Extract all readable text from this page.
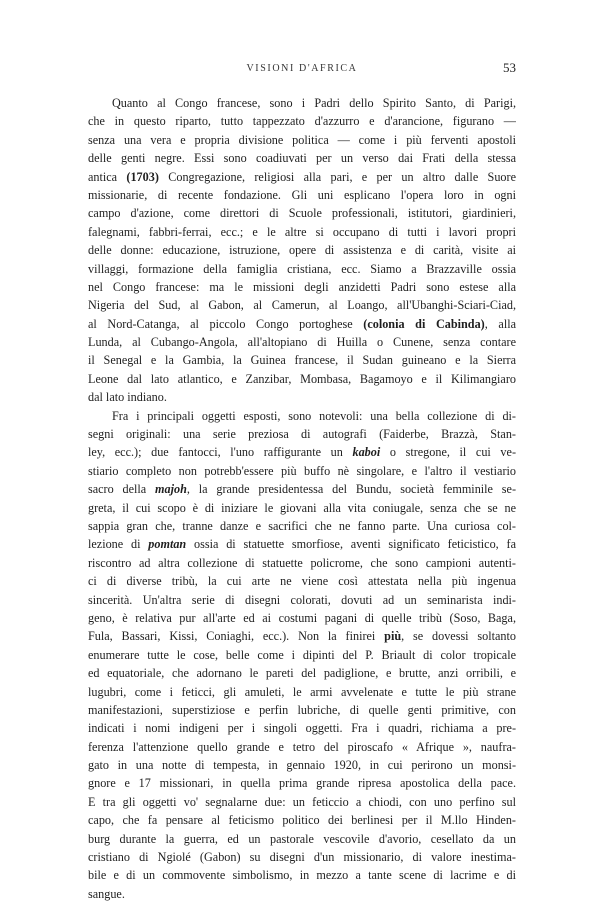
VISIONI D'AFRICA	53
Quanto al Congo francese, sono i Padri dello Spirito Santo, di Parigi,
che in questo riparto, tutto tappezzato d'azzurro e d'arancione, figurano —
senza una vera e propria divisione politica — come i più ferventi apostoli
delle genti negre. Essi sono coadiuvati per un verso dai Frati della stessa
antica (1703) Congregazione, religiosi alla pari, e per un altro dalle Suore
missionarie, di recente fondazione. Gli uni esplicano l'opera loro in ogni
campo d'azione, come direttori di Scuole professionali, istitutori, giardinieri,
falegnami, fabbri-ferrai, ecc.; e le altre si occupano di tutti i lavori propri
delle donne: educazione, istruzione, opere di assistenza e di carità, visite ai
villaggi, formazione della famiglia cristiana, ecc. Siamo a Brazzaville ossia
nel Congo francese: ma le missioni degli anzidetti Padri sono estese alla
Nigeria del Sud, al Gabon, al Camerun, al Loango, all'Ubanghi-Sciari-Ciad,
al Nord-Catanga, al piccolo Congo portoghese (colonia di Cabinda), alla
Lunda, al Cubango-Angola, all'altopiano di Huilla o Cunene, senza contare
il Senegal e la Gambia, la Guinea francese, il Sudan guineano e la Sierra
Leone dal lato atlantico, e Zanzibar, Mombasa, Bagamoyo e il Kilimangiaro
dal lato indiano.
Fra i principali oggetti esposti, sono notevoli: una bella collezione di di-
segni originali: una serie preziosa di autografi (Faiderbe, Brazzà, Stan-
ley, ecc.); due fantocci, l'uno raffigurante un kaboi o stregone, il cui ve-
stiario completo non potrebb'essere più buffo nè singolare, e l'altro il vestiario
sacro della majoh, la grande presidentessa del Bundu, società femminile se-
greta, il cui scopo è di iniziare le giovani alla vita coniugale, senza che se ne
sappia gran che, tranne danze e sacrifici che ne fanno parte. Una curiosa col-
lezione di pomtan ossia di statuette smorfiose, aventi significato feticistico, fa
riscontro ad altra collezione di statuette policrome, che sono campioni autenti-
ci di diverse tribù, la cui arte ne viene così attestata nella più ingenua
sincerità. Un'altra serie di disegni colorati, dovuti ad un seminarista indi-
geno, è relativa pur all'arte ed ai costumi pagani di quelle tribù (Soso, Baga,
Fula, Bassari, Kissi, Coniaghi, ecc.). Non la finirei più, se dovessi soltanto
enumerare tutte le cose, belle come i dipinti del P. Briault di color tropicale
ed equatoriale, che adornano le pareti del padiglione, e brutte, anzi orribili, e
lugubri, come i feticci, gli amuleti, le armi avvelenate e tutte le più strane
manifestazioni, superstiziose e perfin lubriche, di quelle genti primitive, con
indicati i nomi indigeni per i singoli oggetti. Fra i quadri, richiama a pre-
ferenza l'attenzione quello grande e tetro del piroscafo « Afrique », naufra-
gato in una notte di tempesta, in gennaio 1920, in cui perirono un monsi-
gnore e 17 missionari, in quella prima grande ripresa apostolica della pace.
E tra gli oggetti vo' segnalarne due: un feticcio a chiodi, con uno perfino sul
capo, che fa pensare al feticismo politico dei berlinesi per il M.llo Hinden-
burg durante la guerra, ed un pastorale vescovile d'avorio, cesellato da un
cristiano di Ngiolé (Gabon) su disegni d'un missionario, di valore inestima-
bile e di un commovente simbolismo, in mezzo a tante scene di lacrime e di
sangue.
